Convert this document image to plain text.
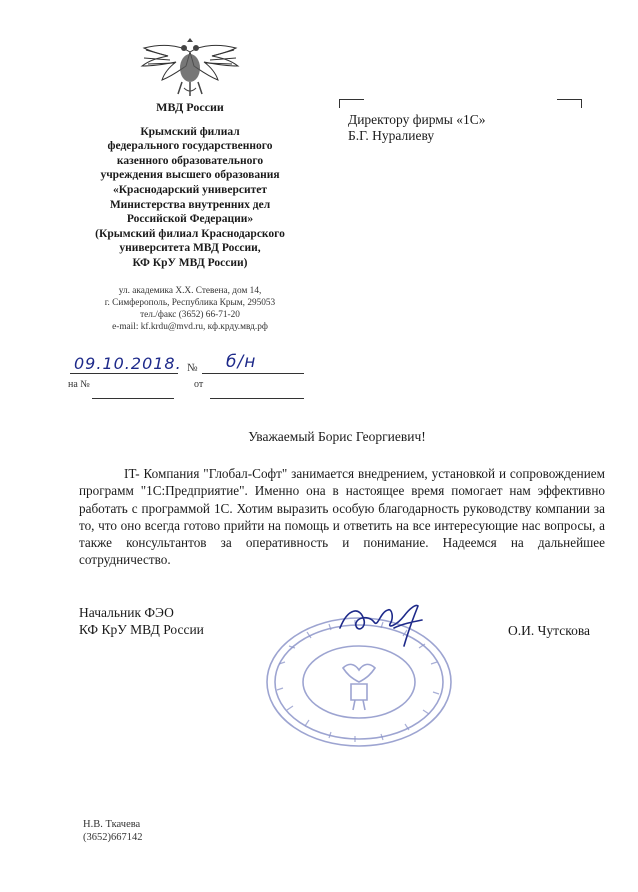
МВД России
Крымский филиал
федерального государственного
казенного образовательного
учреждения высшего образования
«Краснодарский университет
Министерства внутренних дел
Российской Федерации»
(Крымский филиал Краснодарского
университета МВД России,
КФ КрУ МВД России)
ул. академика Х.Х. Стевена, дом 14,
г. Симферополь, Республика Крым, 295053
тел./факс (3652) 66-71-20
e-mail: kf.krdu@mvd.ru, кф.крду.мвд.рф
09.10.2018. № б/н
на №	от
Директору фирмы «1С»
Б.Г. Нуралиеву
Уважаемый Борис Георгиевич!

IT- Компания "Глобал-Софт" занимается внедрением, установкой и сопровождением программ "1С:Предприятие". Именно она в настоящее время помогает нам эффективно работать с программой 1С. Хотим выразить особую благодарность руководству компании за то, что оно всегда готово прийти на помощь и ответить на все интересующие нас вопросы, а также консультантов за оперативность и понимание. Надеемся на дальнейшее сотрудничество.

Начальник ФЭО
КФ КрУ МВД России	О.И. Чутскова
Н.В. Ткачева
(3652)667142
